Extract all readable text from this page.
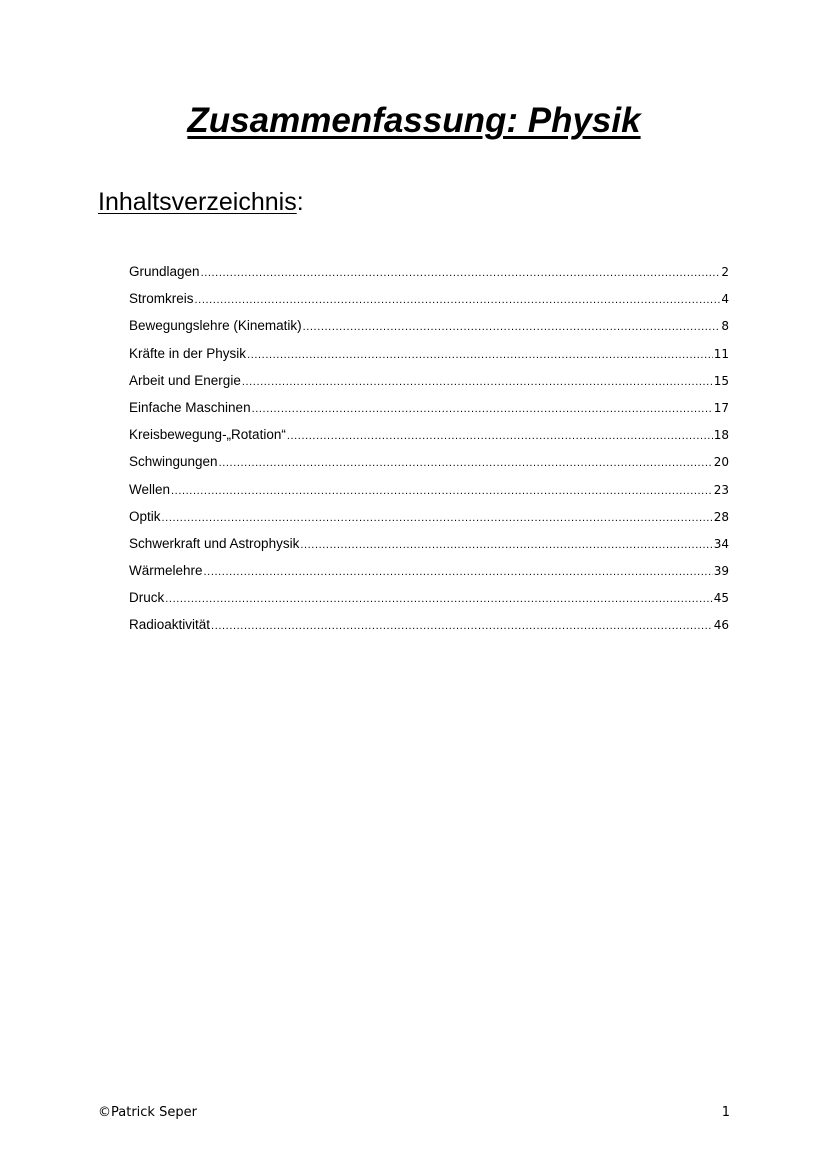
Zusammenfassung: Physik
Inhaltsverzeichnis:
Grundlagen .....	2
Stromkreis .....	4
Bewegungslehre (Kinematik) .....	8
Kräfte in der Physik .....	11
Arbeit und Energie .....	15
Einfache Maschinen .....	17
Kreisbewegung-„Rotation“ .....	18
Schwingungen .....	20
Wellen .....	23
Optik .....	28
Schwerkraft und Astrophysik .....	34
Wärmelehre .....	39
Druck .....	45
Radioaktivität .....	46
©Patrick Seper	1
